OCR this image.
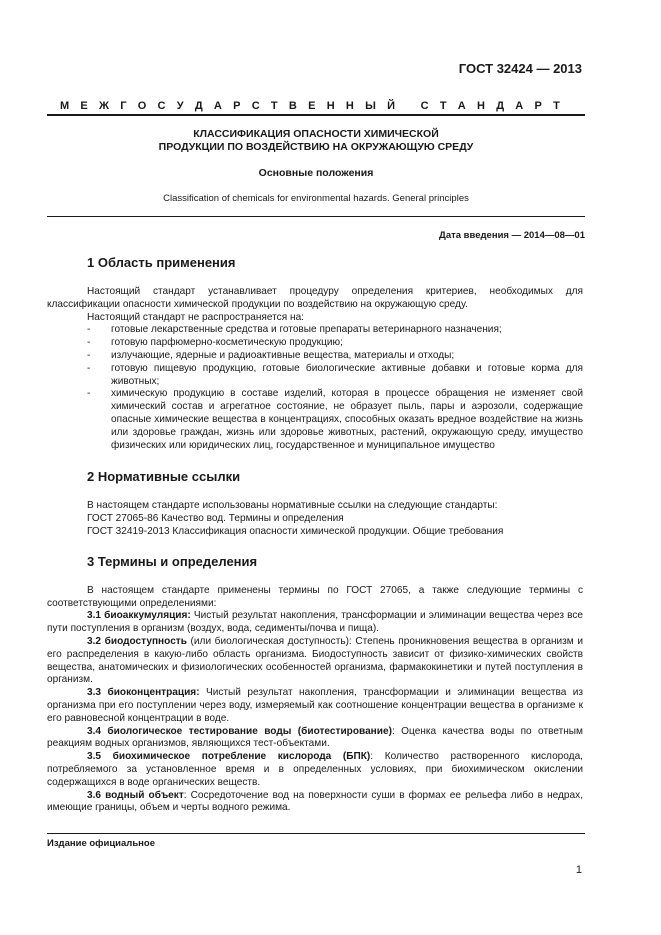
ГОСТ 32424 — 2013
М Е Ж Г О С У Д А Р С Т В Е Н Н Ы Й
С Т А Н Д А Р Т
КЛАССИФИКАЦИЯ ОПАСНОСТИ ХИМИЧЕСКОЙ
ПРОДУКЦИИ ПО ВОЗДЕЙСТВИЮ НА ОКРУЖАЮЩУЮ СРЕДУ
Основные положения
Classification of chemicals for environmental hazards. General principles
Дата введения — 2014—08—01
1 Область применения

Настоящий стандарт устанавливает процедуру определения критериев, необходимых для классификации опасности химической продукции по воздействию на окружающую среду.

Настоящий стандарт не распространяется на:

-	готовые лекарственные средства и готовые препараты ветеринарного назначения;
-	готовую парфюмерно-косметическую продукцию;
-	излучающие, ядерные и радиоактивные вещества, материалы и отходы;

- готовую пищевую продукцию, готовые биологические активные добавки и готовые корма для животных;

- химическую продукцию в составе изделий, которая в процессе обращения не изменяет свой химический состав и агрегатное состояние, не образует пыль, пары и аэрозоли, содержащие опасные химические вещества в концентрациях, способных оказать вредное воздействие на жизнь или здоровье граждан, жизнь или здоровье животных, растений, окружающую среду, имущество физических или юридических лиц, государственное и муниципальное имущество

2 Нормативные ссылки

В настоящем стандарте использованы нормативные ссылки на следующие стандарты:

ГОСТ 27065-86 Качество вод. Термины и определения

ГОСТ 32419-2013 Классификация опасности химической продукции. Общие требования

3 Термины и определения

В настоящем стандарте применены термины по ГОСТ 27065, а также следующие термины с соответствующими определениями:

3.1 биоаккумуляция: Чистый результат накопления, трансформации и элиминации вещества через все пути поступления в организм (воздух, вода, седименты/почва и пища).

3.2 биодоступность (или биологическая доступность): Степень проникновения вещества в организм и его распределения в какую-либо область организма. Биодоступность зависит от физико-химических свойств вещества, анатомических и физиологических особенностей организма, фармакокинетики и путей поступления в организм.

3.3 биоконцентрация: Чистый результат накопления, трансформации и элиминации вещества из организма при его поступлении через воду, измеряемый как соотношение концентрации вещества в организме к его равновесной концентрации в воде.

3.4 биологическое тестирование воды (биотестирование): Оценка качества воды по ответным реакциям водных организмов, являющихся тест-объектами.

3.5 биохимическое потребление кислорода (БПК): Количество растворенного кислорода, потребляемого за установленное время и в определенных условиях, при биохимическом окислении содержащихся в воде органических веществ.

3.6 водный объект: Сосредоточение вод на поверхности суши в формах ее рельефа либо в недрах, имеющие границы, объем и черты водного режима.

Издание официальное
1
